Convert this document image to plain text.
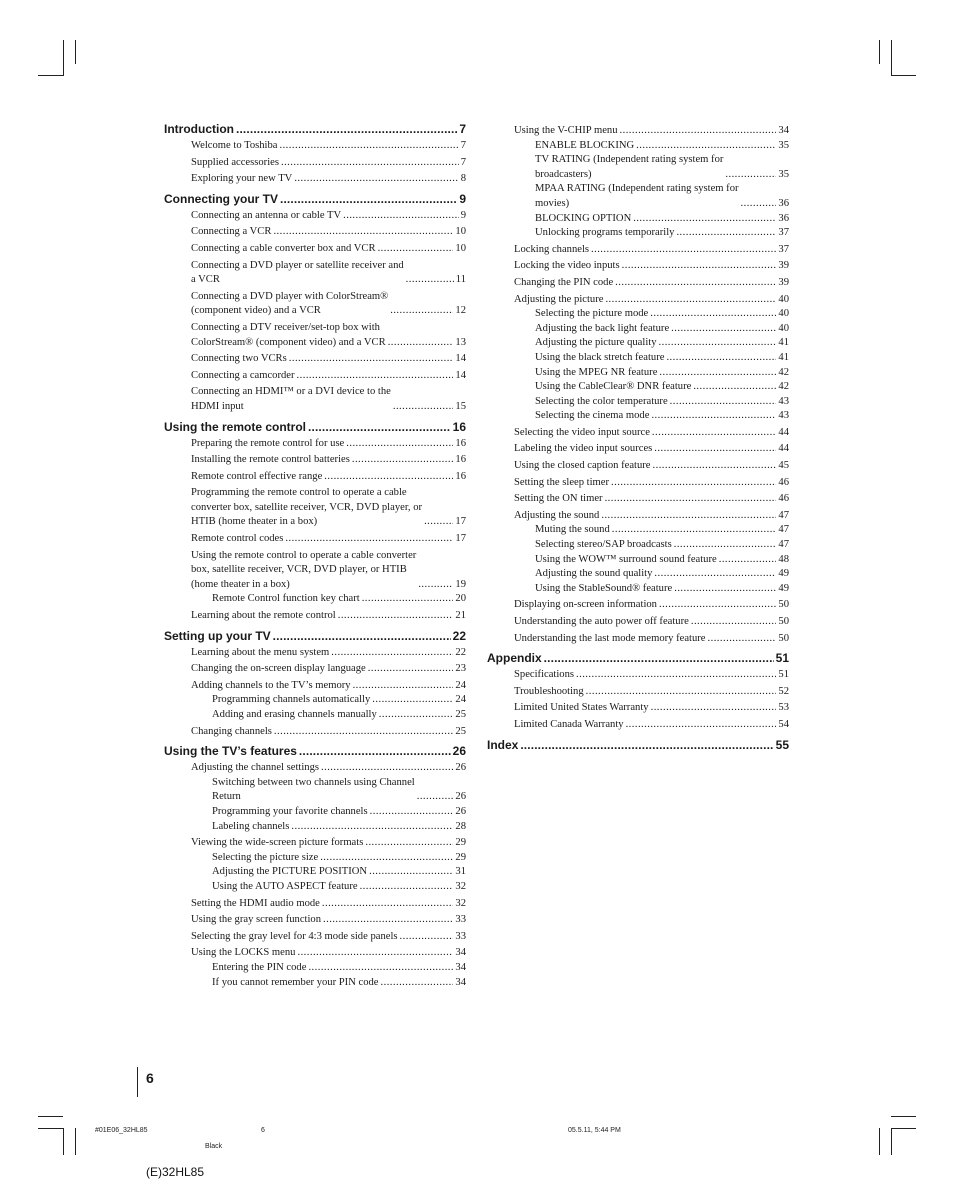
6
Introduction . . .	7
Welcome to Toshiba . . .	7
Supplied accessories . . .	7
Exploring your new TV . . .	8
Connecting your TV . . .	9
Connecting an antenna or cable TV . . .	9
Connecting a VCR . . .	10
Connecting a cable converter box and VCR . . .	10
Connecting a DVD player or satellite receiver and
a VCR . . .	11
Connecting a DVD player with ColorStream®
(component video) and a VCR . . .	12
Connecting a DTV receiver/set-top box with
ColorStream® (component video) and a VCR . . .	13
Connecting two VCRs . . .	14
Connecting a camcorder . . .	14
Connecting an HDMI™ or a DVI device to the
HDMI input . . .	15
Using the remote control . . .	16
Preparing the remote control for use . . .	16
Installing the remote control batteries . . .	16
Remote control effective range . . .	16
Programming the remote control to operate a cable
converter box, satellite receiver, VCR, DVD player, or
HTIB (home theater in a box) . . .	17
Remote control codes . . .	17
Using the remote control to operate a cable converter
box, satellite receiver, VCR, DVD player, or HTIB
(home theater in a box) . . .	19
Remote Control function key chart . . .	20
Learning about the remote control . . .	21
Setting up your TV . . .	22
Learning about the menu system . . .	22
Changing the on-screen display language . . .	23
Adding channels to the TV’s memory . . .	24
Programming channels automatically . . .	24
Adding and erasing channels manually . . .	25
Changing channels . . .	25
Using the TV’s features . . .	26
Adjusting the channel settings . . .	26
Switching between two channels using Channel
Return . . .	26
Programming your favorite channels . . .	26
Labeling channels . . .	28
Viewing the wide-screen picture formats . . .	29
Selecting the picture size . . .	29
Adjusting the PICTURE POSITION . . .	31
Using the AUTO ASPECT feature . . .	32
Setting the HDMI audio mode . . .	32
Using the gray screen function . . .	33
Selecting the gray level for 4:3 mode side panels . . .	33
Using the LOCKS menu . . .	34
Entering the PIN code . . .	34
If you cannot remember your PIN code . . .	34
Using the V-CHIP menu . . .	34
ENABLE BLOCKING . . .	35
TV RATING (Independent rating system for
broadcasters) . . .	35
MPAA RATING (Independent rating system for
movies) . . .	36
BLOCKING OPTION . . .	36
Unlocking programs temporarily . . .	37
Locking channels . . .	37
Locking the video inputs . . .	39
Changing the PIN code . . .	39
Adjusting the picture . . .	40
Selecting the picture mode . . .	40
Adjusting the back light feature . . .	40
Adjusting the picture quality . . .	41
Using the black stretch feature . . .	41
Using the MPEG NR feature . . .	42
Using the CableClear® DNR feature . . .	42
Selecting the color temperature . . .	43
Selecting the cinema mode . . .	43
Selecting the video input source . . .	44
Labeling the video input sources . . .	44
Using the closed caption feature . . .	45
Setting the sleep timer . . .	46
Setting the ON timer . . .	46
Adjusting the sound . . .	47
Muting the sound . . .	47
Selecting stereo/SAP broadcasts . . .	47
Using the WOW™ surround sound feature . . .	48
Adjusting the sound quality . . .	49
Using the StableSound® feature . . .	49
Displaying on-screen information . . .	50
Understanding the auto power off feature . . .	50
Understanding the last mode memory feature . . .	50
Appendix . . .	51
Specifications . . .	51
Troubleshooting . . .	52
Limited United States Warranty . . .	53
Limited Canada Warranty . . .	54
Index . . .	55
#01E06_32HL85	6	05.5.11, 5:44 PM
Black
(E)32HL85
